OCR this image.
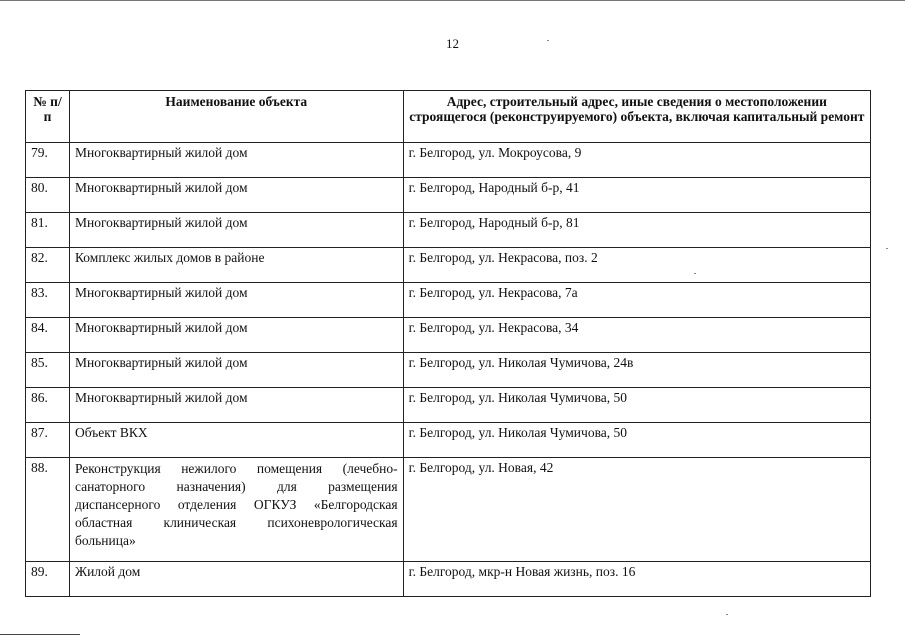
12
№ п/п	Наименование объекта	Адрес, строительный адрес, иные сведения о местоположении строящегося (реконструируемого) объекта, включая капитальный ремонт
79.	Многоквартирный жилой дом	г. Белгород, ул. Мокроусова, 9
80.	Многоквартирный жилой дом	г. Белгород, Народный б-р, 41
81.	Многоквартирный жилой дом	г. Белгород, Народный б-р, 81
82.	Комплекс жилых домов в районе	г. Белгород, ул. Некрасова, поз. 2
83.	Многоквартирный жилой дом	г. Белгород, ул. Некрасова, 7а
84.	Многоквартирный жилой дом	г. Белгород, ул. Некрасова, 34
85.	Многоквартирный жилой дом	г. Белгород, ул. Николая Чумичова, 24в
86.	Многоквартирный жилой дом	г. Белгород, ул. Николая Чумичова, 50
87.	Объект ВКХ	г. Белгород, ул. Николая Чумичова, 50
88.	Реконструкция нежилого помещения (лечебно-санаторного назначения) для размещения диспансерного отделения ОГКУЗ «Белгородская областная клиническая психоневрологическая больница»	г. Белгород, ул. Новая, 42
89.	Жилой дом	г. Белгород, мкр-н Новая жизнь, поз. 16
